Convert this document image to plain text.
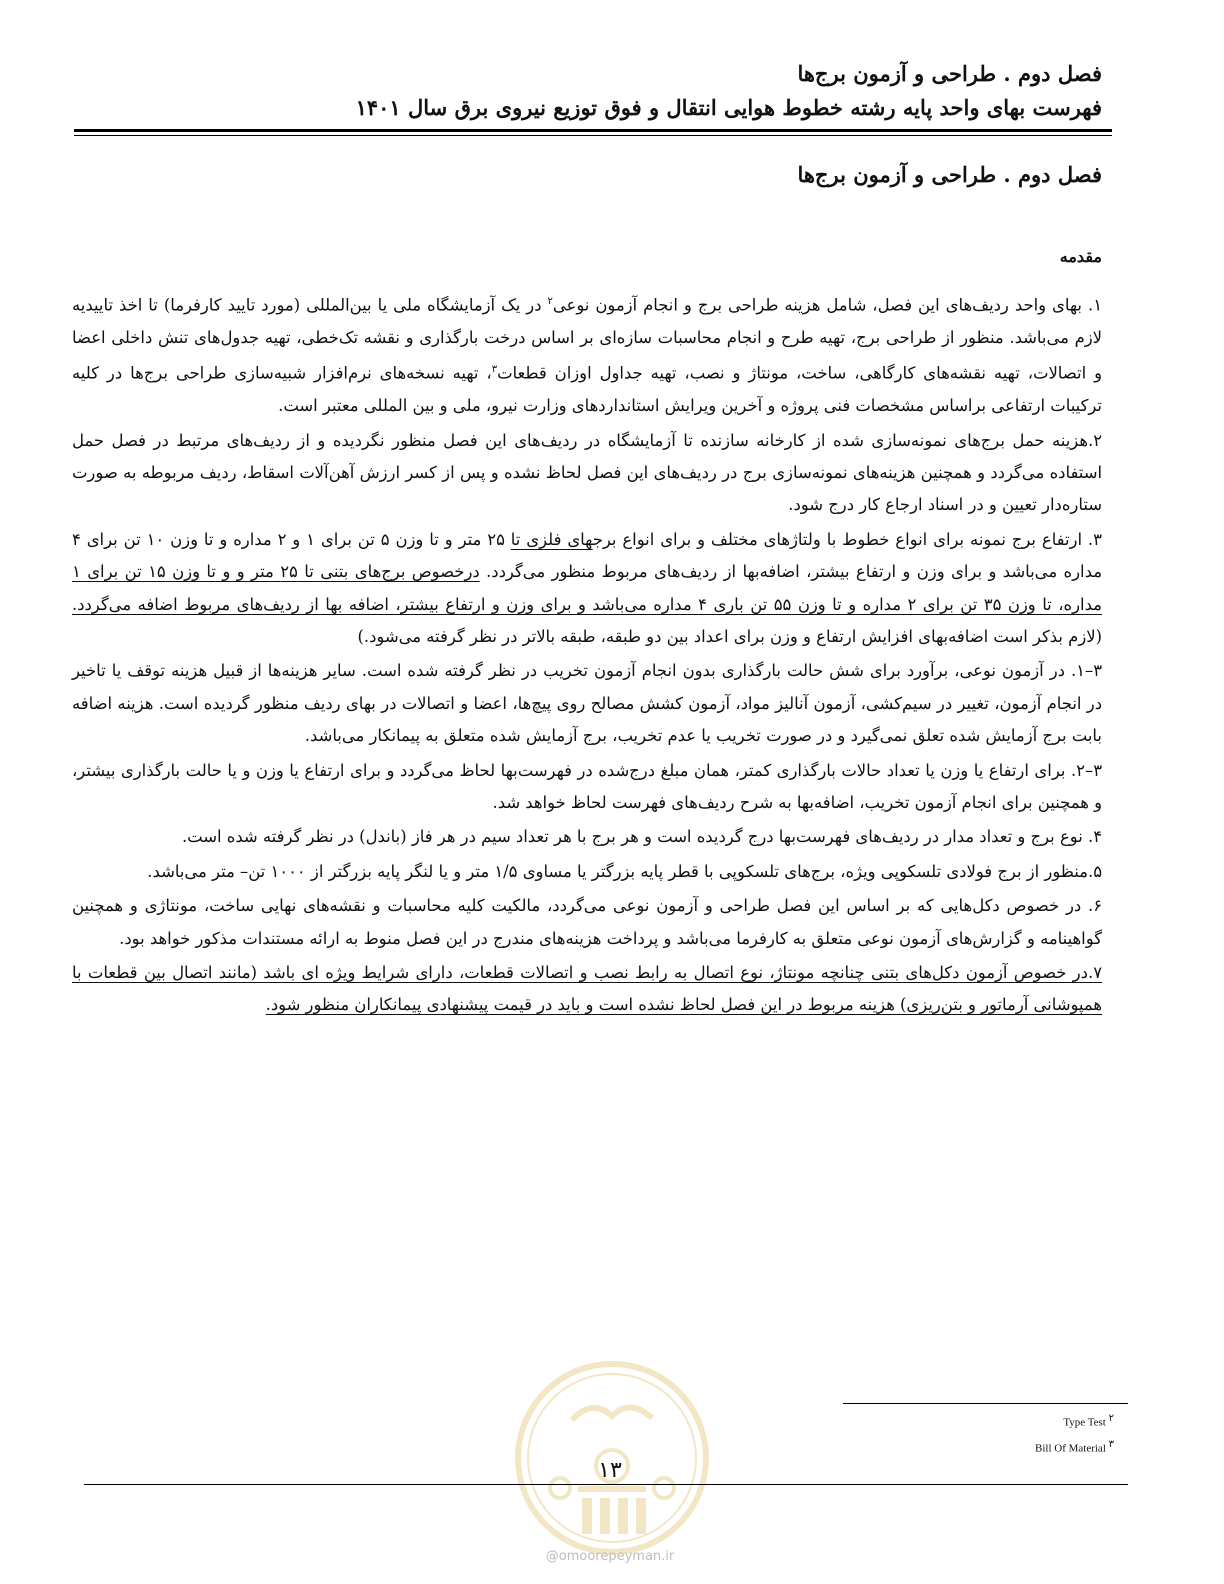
فصل دوم . طراحی و آزمون برج‌ها
فهرست بهای واحد پایه رشته خطوط هوایی انتقال و فوق توزیع نیروی برق سال ۱۴۰۱
فصل دوم . طراحی و آزمون برج‌ها
مقدمه

۱. بهای واحد ردیف‌های این فصل، شامل هزینه طراحی برج و انجام آزمون نوعی$^۲$ در یک آزمایشگاه ملی یا بین‌المللی (مورد تایید کارفرما) تا اخذ تاییدیه لازم می‌باشد. منظور از طراحی برج، تهیه طرح و انجام محاسبات سازه‌ای بر اساس درخت بارگذاری و نقشه تک‌خطی، تهیه جدول‌های تنش داخلی اعضا و اتصالات، تهیه نقشه‌های کارگاهی، ساخت، مونتاژ و نصب، تهیه جداول اوزان قطعات$^۳$، تهیه نسخه‌های نرم‌افزار شبیه‌سازی طراحی برج‌ها در کلیه ترکیبات ارتفاعی براساس مشخصات فنی پروژه و آخرین ویرایش استانداردهای وزارت نیرو، ملی و بین المللی معتبر است.

۲.هزینه حمل برج‌های نمونه‌سازی شده از کارخانه سازنده تا آزمایشگاه در ردیف‌های این فصل منظور نگردیده و از ردیف‌های مرتبط در فصل حمل استفاده می‌گردد و همچنین هزینه‌های نمونه‌سازی برج در ردیف‌های این فصل لحاظ نشده و پس از کسر ارزش آهن‌آلات اسقاط، ردیف مربوطه به صورت ستاره‌دار تعیین و در اسناد ارجاع کار درج شود.

۳. ارتفاع برج نمونه برای انواع خطوط با ولتاژهای مختلف و برای انواع برجهای فلزی تا ۲۵ متر و تا وزن ۵ تن برای ۱ و ۲ مداره و تا وزن ۱۰ تن برای ۴ مداره می‌باشد و برای وزن و ارتفاع بیشتر، اضافه‌بها از ردیف‌های مربوط منظور می‌گردد. درخصوص برج‌های بتنی تا ۲۵ متر و و تا وزن ۱۵ تن برای ۱ مداره، تا وزن ۳۵ تن برای ۲ مداره و تا وزن ۵۵ تن باری ۴ مداره می‌باشد و برای وزن و ارتفاع بیشتر، اضافه بها از ردیف‌های مربوط اضافه می‌گردد. (لازم بذکر است اضافه‌بهای افزایش ارتفاع و وزن برای اعداد بین دو طبقه، طبقه بالاتر در نظر گرفته می‌شود.)

۳–۱. در آزمون نوعی، برآورد برای شش حالت بارگذاری بدون انجام آزمون تخریب در نظر گرفته شده است. سایر هزینه‌ها از قبیل هزینه توقف یا تاخیر در انجام آزمون، تغییر در سیم‌کشی، آزمون آنالیز مواد، آزمون کشش مصالح روی پیچ‌ها، اعضا و اتصالات در بهای ردیف منظور گردیده است. هزینه اضافه بابت برج آزمایش شده تعلق نمی‌گیرد و در صورت تخریب یا عدم تخریب، برج آزمایش شده متعلق به پیمانکار می‌باشد.

۳–۲. برای ارتفاع یا وزن یا تعداد حالات بارگذاری کمتر، همان مبلغ درج‌شده در فهرست‌بها لحاظ می‌گردد و برای ارتفاع یا وزن و یا حالت بارگذاری بیشتر، و همچنین برای انجام آزمون تخریب، اضافه‌بها به شرح ردیف‌های فهرست لحاظ خواهد شد.

۴. نوع برج و تعداد مدار در ردیف‌های فهرست‌بها درج گردیده است و هر برج با هر تعداد سیم در هر فاز (باندل) در نظر گرفته شده است.

۵.منظور از برج فولادی تلسکوپی ویژه، برج‌های تلسکوپی با قطر پایه بزرگتر یا مساوی ۱/۵ متر و یا لنگر پایه بزرگتر از ۱۰۰۰ تن– متر می‌باشد.

۶. در خصوص دکل‌هایی که بر اساس این فصل طراحی و آزمون نوعی می‌گردد، مالکیت کلیه محاسبات و نقشه‌های نهایی ساخت، مونتاژی و همچنین گواهینامه و گزارش‌های آزمون نوعی متعلق به کارفرما می‌باشد و پرداخت هزینه‌های مندرج در این فصل منوط به ارائه مستندات مذکور خواهد بود.

۷.در خصوص آزمون دکل‌های بتنی چنانچه مونتاژ، نوع اتصال به رابط نصب و اتصالات قطعات، دارای شرایط ویژه ای باشد (مانند اتصال بین قطعات با همپوشانی آرماتور و بتن‌ریزی) هزینه مربوط در این فصل لحاظ نشده است و باید در قیمت پیشنهادی پیمانکاران منظور شود.

Type Test $^۲$
Bill Of Material $^۳$
۱۳
@omoorepeyman.ir
